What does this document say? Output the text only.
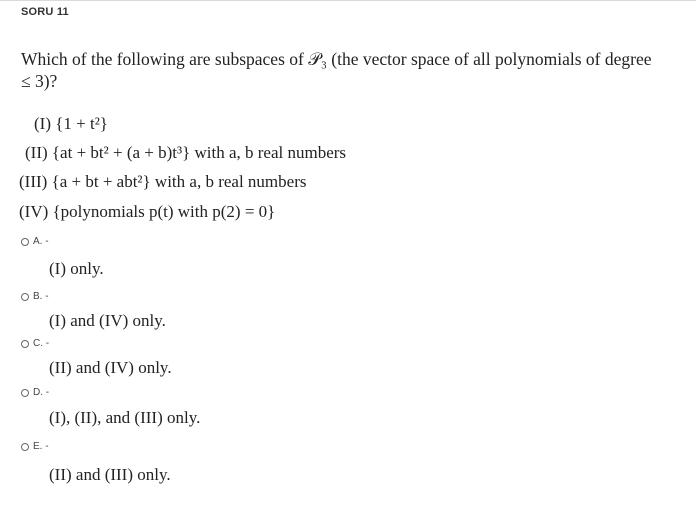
SORU 11
Which of the following are subspaces of 𝒫₃ (the vector space of all polynomials of degree ≤ 3)?
(I) {1 + t²}
(II) {at + bt² + (a + b)t³} with a, b real numbers
(III) {a + bt + abt²} with a, b real numbers
(IV) {polynomials p(t) with p(2) = 0}
A. -
(I) only.
B. -
(I) and (IV) only.
C. -
(II) and (IV) only.
D. -
(I), (II), and (III) only.
E. -
(II) and (III) only.
